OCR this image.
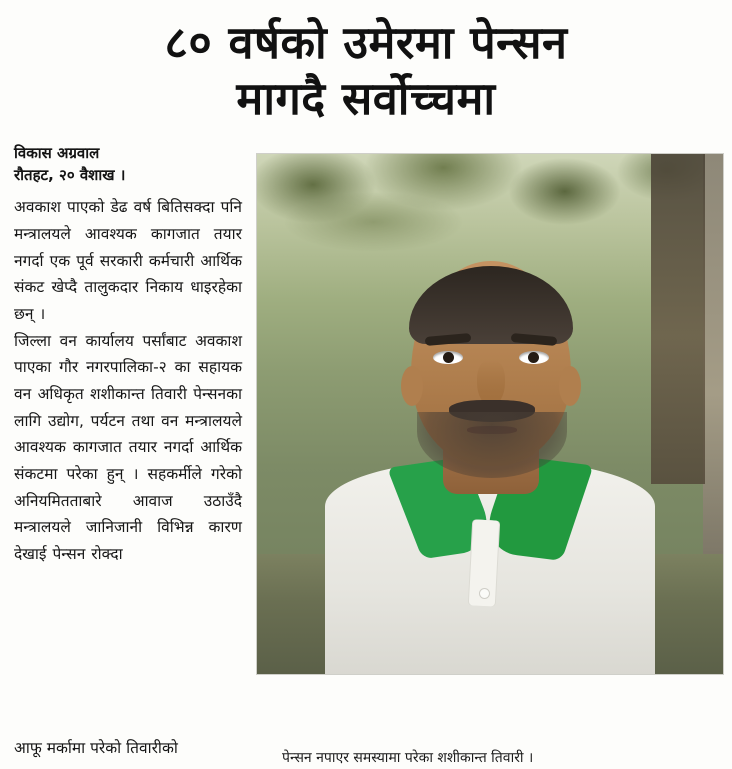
८० वर्षको उमेरमा पेन्सन
मागदै सर्वोच्चमा
विकास अग्रवाल
रौतहट, २० वैशाख ।

अवकाश पाएको डेढ वर्ष बितिसक्दा पनि मन्त्रालयले आवश्यक कागजात तयार नगर्दा एक पूर्व सरकारी कर्मचारी आर्थिक संकट खेप्दै तालुकदार निकाय धाइरहेका छन् ।

जिल्ला वन कार्यालय पर्सांबाट अवकाश पाएका गौर नगरपालिका-२ का सहायक वन अधिकृत शशीकान्त तिवारी पेन्सनका लागि उद्योग, पर्यटन तथा वन मन्त्रालयले आवश्यक कागजात तयार नगर्दा आर्थिक संकटमा परेका हुन् । सहकर्मीले गरेको अनियमितताबारे आवाज उठाउँदै मन्त्रालयले जानिजानी विभिन्न कारण देखाई पेन्सन रोक्दा

आफू मर्कामा परेको तिवारीको
पेन्सन नपाएर समस्यामा परेका शशीकान्त तिवारी ।
